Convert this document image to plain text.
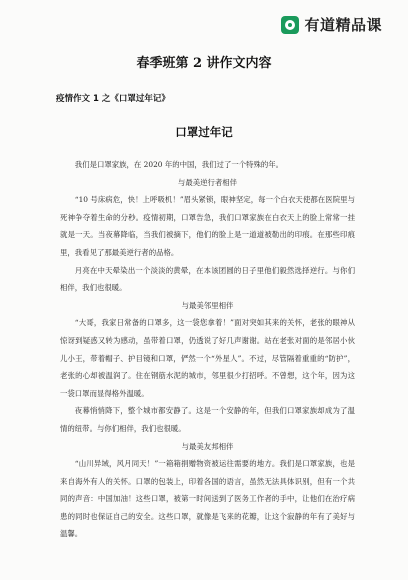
有道精品课
春季班第 2 讲作文内容
疫情作文 1 之《口罩过年记》
口罩过年记

我们是口罩家族，在 2020 年的中国，我们过了一个特殊的年。

与最美逆行者相伴

“10 号床病危，快！上呼吸机！”眉头紧锁，眼神坚定，每一个白衣天使都在医院里与死神争夺着生命的分秒。疫情初期，口罩告急，我们口罩家族在白衣天上的脸上常常一挂就是一天。当夜幕降临，当我们被摘下，他们的脸上是一道道被勒出的印痕。在那些印痕里，我看见了那最美逆行者的品格。

月亮在中天晕染出一个淡淡的黄晕，在本该团圆的日子里他们毅然选择逆行。与你们相伴，我们也很暖。

与最美邻里相伴

“大哥，我家日常备的口罩多，这一袋您拿着！”面对突如其来的关怀，老张的眼神从惊讶到疑惑又转为感动，虽带着口罩，仍透说了好几声谢谢。站在老张对面的是邻居小伙儿小王，带着帽子、护目镜和口罩，俨然一个“外星人”。不过，尽管隔着重重的“防护”，老张的心却被温润了。住在钢筋水泥的城市，邻里很少打招呼。不曾想，这个年，因为这一袋口罩而显得格外温暖。

夜幕悄悄降下，整个城市都安静了。这是一个安静的年，但我们口罩家族却成为了温情的纽带。与你们相伴，我们也很暖。

与最美友邦相伴

“山川异域，风月同天！”一箱箱捐赠物资被运往需要的地方。我们是口罩家族，也是来自海外有人的关怀。口罩的包装上，印着各国的语言，虽然无法具体识别，但有一个共同的声音：中国加油！这些口罩，被第一时间送到了医务工作者的手中，让他们在治疗病患的同时也保证自己的安全。这些口罩，就像是飞来的花瓣，让这个寂静的年有了美好与温馨。
